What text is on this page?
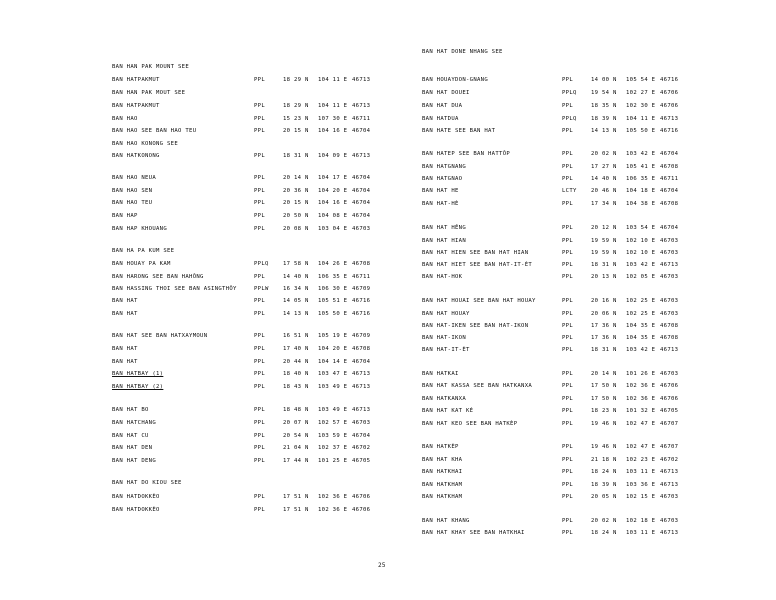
BAN HAN PAK MOUNT SEE
BAN HATPAKMUT	PPL	18 29 N 104 11 E 46713
BAN HAN PAK MOUT SEE
BAN HATPAKMUT	PPL	18 29 N 104 11 E 46713
BAN HAO	PPL	15 23 N 107 30 E 46711
BAN HAO SEE BAN HAO TEU	PPL	20 15 N 104 16 E 46704
BAN HAO KONONG SEE
BAN HATKONONG	PPL	18 31 N 104 09 E 46713
BAN HAO NEUA	PPL	20 14 N 104 17 E 46704
BAN HAO SEN	PPL	20 36 N 104 20 E 46704
BAN HAO TEU	PPL	20 15 N 104 16 E 46704
BAN HAP	PPL	20 50 N 104 08 E 46704
BAN HAP KHOUANG	PPL	20 08 N 103 04 E 46703
BAN HA PA KUM SEE
BAN HOUAY PA KAM	PPLQ	17 58 N 104 26 E 46708
BAN HARONG SEE BAN HAHÔNG	PPL	14 40 N 106 35 E 46711
BAN HASSING THOI SEE BAN ASINGTHÔY	PPLW	16 34 N 106 30 E 46709
BAN HAT	PPL	14 05 N 105 51 E 46716
BAN HAT	PPL	14 13 N 105 50 E 46716
BAN HAT SEE BAN HATXAYMOUN	PPL	16 51 N 105 19 E 46709
BAN HAT	PPL	17 40 N 104 20 E 46708
BAN HAT	PPL	20 44 N 104 14 E 46704
BAN HATBAY (1)	PPL	18 40 N 103 47 E 46713
BAN HATBAY (2)	PPL	18 43 N 103 49 E 46713
BAN HAT BO	PPL	18 48 N 103 49 E 46713
BAN HATCHANG	PPL	20 07 N 102 57 E 46703
BAN HAT CU	PPL	20 54 N 103 59 E 46704
BAN HAT DEN	PPL	21 04 N 102 37 E 46702
BAN HAT DENG	PPL	17 44 N 101 25 E 46705
BAN HAT DO KIOU SEE
BAN HATDOKKÈO	PPL	17 51 N 102 36 E 46706
BAN HATDOKKÈO	PPL	17 51 N 102 36 E 46706
BAN HAT DONE NHANG SEE
BAN HOUAYDON-GNANG	PPL	14 00 N 105 54 E 46716
BAN HAT DOUEI	PPLQ	19 54 N 102 27 E 46706
BAN HAT DUA	PPL	18 35 N 102 30 E 46706
BAN HATDUA	PPLQ	18 39 N 104 11 E 46713
BAN HATE SEE BAN HAT	PPL	14 13 N 105 50 E 46716
BAN HATEP SEE BAN HATTÔP	PPL	20 02 N 103 42 E 46704
BAN HATGNANG	PPL	17 27 N 105 41 E 46708
BAN HATGNAO	PPL	14 40 N 106 35 E 46711
BAN HAT HE	LCTY	20 46 N 104 18 E 46704
BAN HAT-HÈ	PPL	17 34 N 104 38 E 46708
BAN HAT HÊNG	PPL	20 12 N 103 54 E 46704
BAN HAT HIAN	PPL	19 59 N 102 10 E 46703
BAN HAT HIEN SEE BAN HAT HIAN	PPL	19 59 N 102 10 E 46703
BAN HAT HIET SEE BAN HAT-IT-ÈT	PPL	18 31 N 103 42 E 46713
BAN HAT-HOK	PPL	20 13 N 102 05 E 46703
BAN HAT HOUAI SEE BAN HAT HOUAY	PPL	20 16 N 102 25 E 46703
BAN HAT HOUAY	PPL	20 06 N 102 25 E 46703
BAN HAT-IKEN SEE BAN HAT-IKON	PPL	17 36 N 104 35 E 46708
BAN HAT-IKON	PPL	17 36 N 104 35 E 46708
BAN HAT-IT-ÈT	PPL	18 31 N 103 42 E 46713
BAN HATKAI	PPL	20 14 N 101 26 E 46703
BAN HAT KASSA SEE BAN HATKANXA	PPL	17 50 N 102 36 E 46706
BAN HATKANXA	PPL	17 50 N 102 36 E 46706
BAN HAT KAT KÉ	PPL	18 23 N 101 32 E 46705
BAN HAT KEO SEE BAN HATKÈP	PPL	19 46 N 102 47 E 46707
BAN HATKÈP	PPL	19 46 N 102 47 E 46707
BAN HAT KHA	PPL	21 18 N 102 23 E 46702
BAN HATKHAI	PPL	18 24 N 103 11 E 46713
BAN HATKHAM	PPL	18 39 N 103 36 E 46713
BAN HATKHAM	PPL	20 05 N 102 15 E 46703
BAN HAT KHANG	PPL	20 02 N 102 18 E 46703
BAN HAT KHAY SEE BAN HATKHAI	PPL	18 24 N 103 11 E 46713
25
